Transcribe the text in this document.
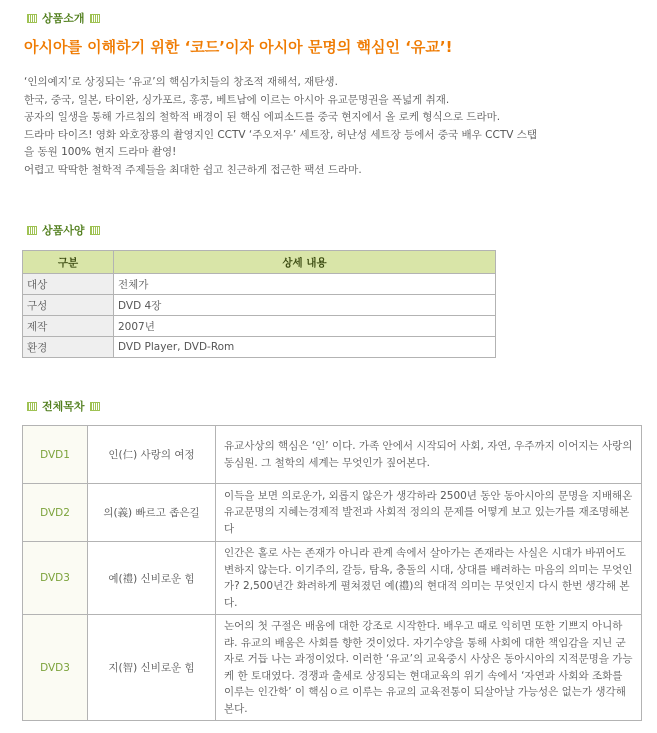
상품소개
아시아를 이해하기 위한 ‘코드’이자 아시아 문명의 핵심인 ‘유교’!
‘인의예지’로 상징되는 ‘유교’의 핵심가치들의 창조적 재해석, 재탄생.
한국, 중국, 일본, 타이완, 싱가포르, 홍콩, 베트남에 이르는 아시아 유교문명권을 폭넓게 취재.
공자의 일생을 통해 가르침의 철학적 배경이 된 핵심 에피소드를 중국 현지에서 올 로케 형식으로 드라마.
드라마 타이즈! 영화 와호장룡의 촬영지인 CCTV ‘주오저우’ 세트장, 허난성 세트장 등에서 중국 배우 CCTV 스탭
을 동원 100% 현지 드라마 촬영!
어렵고 딱딱한 철학적 주제들을 최대한 쉽고 친근하게 접근한 팩션 드라마.
상품사양
구분	상세 내용
대상	전체가
구성	DVD 4장
제작	2007년
환경	DVD Player, DVD-Rom
전체목차
DVD1	인(仁) 사랑의 여정	유교사상의 핵심은 ‘인’ 이다. 가족 안에서 시작되어 사회, 자연, 우주까지 이어지는 사랑의 동심원. 그 철학의 세계는 무엇인가 짚어본다.
DVD2	의(義) 빠르고 좁은길	이득을 보면 의로운가, 외롭지 않은가 생각하라 2500년 동안 동아시아의 문명을 지배해온 유교문명의 지혜는경제적 발전과 사회적 정의의 문제를 어떻게 보고 있는가를 재조명해본다
DVD3	예(禮) 신비로운 힘	인간은 홀로 사는 존재가 아니라 관계 속에서 살아가는 존재라는 사실은 시대가 바뀌어도 변하지 않는다. 이기주의, 갈등, 탐욕, 충돌의 시대, 상대를 배려하는 마음의 의미는 무엇인가? 2,500년간 화려하게 펼쳐졌던 예(禮)의 현대적 의미는 무엇인지 다시 한번 생각해 본다.
DVD3	지(智) 신비로운 힘	논어의 첫 구절은 배움에 대한 강조로 시작한다. 배우고 때로 익히면 또한 기쁘지 아니하랴. 유교의 배움은 사회를 향한 것이었다. 자기수양을 통해 사회에 대한 책임감을 지닌 군자로 거듭 나는 과정이었다. 이러한 ‘유교’의 교육중시 사상은 동아시아의 지적문명을 가능케 한 토대였다. 경쟁과 출세로 상징되는 현대교육의 위기 속에서 ‘자연과 사회와 조화를 이루는 인간학’ 이 핵심ㅇ르 이루는 유교의 교육전통이 되살아날 가능성은 없는가 생각해 본다.
